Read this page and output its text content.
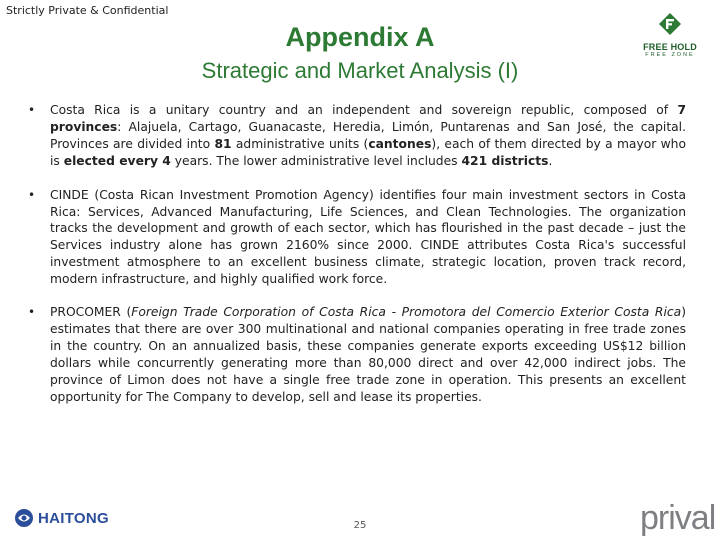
Strictly Private & Confidential
Appendix A
Strategic and Market Analysis (I)
FREE HOLD
FREE ZONE
• Costa Rica is a unitary country and an independent and sovereign republic, composed of 7 provinces: Alajuela, Cartago, Guanacaste, Heredia, Limón, Puntarenas and San José, the capital. Provinces are divided into 81 administrative units (cantones), each of them directed by a mayor who is elected every 4 years. The lower administrative level includes 421 districts.
• CINDE (Costa Rican Investment Promotion Agency) identifies four main investment sectors in Costa Rica: Services, Advanced Manufacturing, Life Sciences, and Clean Technologies. The organization tracks the development and growth of each sector, which has flourished in the past decade – just the Services industry alone has grown 2160% since 2000. CINDE attributes Costa Rica's successful investment atmosphere to an excellent business climate, strategic location, proven track record, modern infrastructure, and highly qualified work force.
• PROCOMER (Foreign Trade Corporation of Costa Rica - Promotora del Comercio Exterior Costa Rica) estimates that there are over 300 multinational and national companies operating in free trade zones in the country. On an annualized basis, these companies generate exports exceeding US$12 billion dollars while concurrently generating more than 80,000 direct and over 42,000 indirect jobs. The province of Limon does not have a single free trade zone in operation. This presents an excellent opportunity for The Company to develop, sell and lease its properties.
HAITONG	25	prival
